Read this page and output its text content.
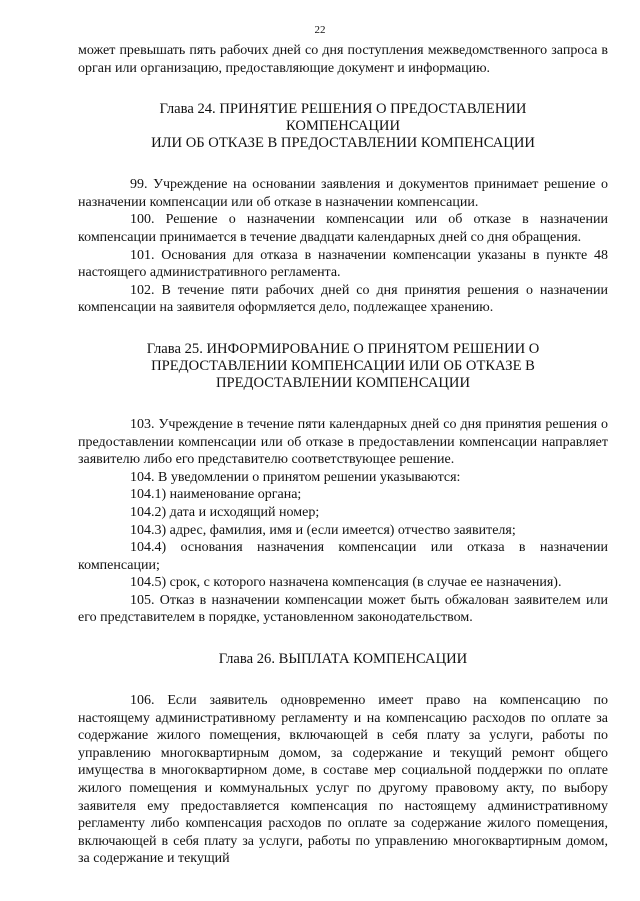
22

может превышать пять рабочих дней со дня поступления межведомственного запроса в орган или организацию, предоставляющие документ и информацию.

Глава 24. ПРИНЯТИЕ РЕШЕНИЯ О ПРЕДОСТАВЛЕНИИ
КОМПЕНСАЦИИ
ИЛИ ОБ ОТКАЗЕ В ПРЕДОСТАВЛЕНИИ КОМПЕНСАЦИИ

99. Учреждение на основании заявления и документов принимает решение о назначении компенсации или об отказе в назначении компенсации.

100. Решение о назначении компенсации или об отказе в назначении компенсации принимается в течение двадцати календарных дней со дня обращения.

101. Основания для отказа в назначении компенсации указаны в пункте 48 настоящего административного регламента.

102. В течение пяти рабочих дней со дня принятия решения о назначении компенсации на заявителя оформляется дело, подлежащее хранению.

Глава 25. ИНФОРМИРОВАНИЕ О ПРИНЯТОМ РЕШЕНИИ О
ПРЕДОСТАВЛЕНИИ КОМПЕНСАЦИИ ИЛИ ОБ ОТКАЗЕ В
ПРЕДОСТАВЛЕНИИ КОМПЕНСАЦИИ

103. Учреждение в течение пяти календарных дней со дня принятия решения о предоставлении компенсации или об отказе в предоставлении компенсации направляет заявителю либо его представителю соответствующее решение.

104. В уведомлении о принятом решении указываются:

104.1) наименование органа;

104.2) дата и исходящий номер;

104.3) адрес, фамилия, имя и (если имеется) отчество заявителя;

104.4) основания назначения компенсации или отказа в назначении компенсации;

104.5) срок, с которого назначена компенсация (в случае ее назначения).

105. Отказ в назначении компенсации может быть обжалован заявителем или его представителем в порядке, установленном законодательством.

Глава 26. ВЫПЛАТА КОМПЕНСАЦИИ

106. Если заявитель одновременно имеет право на компенсацию по настоящему административному регламенту и на компенсацию расходов по оплате за содержание жилого помещения, включающей в себя плату за услуги, работы по управлению многоквартирным домом, за содержание и текущий ремонт общего имущества в многоквартирном доме, в составе мер социальной поддержки по оплате жилого помещения и коммунальных услуг по другому правовому акту, по выбору заявителя ему предоставляется компенсация по настоящему административному регламенту либо компенсация расходов по оплате за содержание жилого помещения, включающей в себя плату за услуги, работы по управлению многоквартирным домом, за содержание и текущий
